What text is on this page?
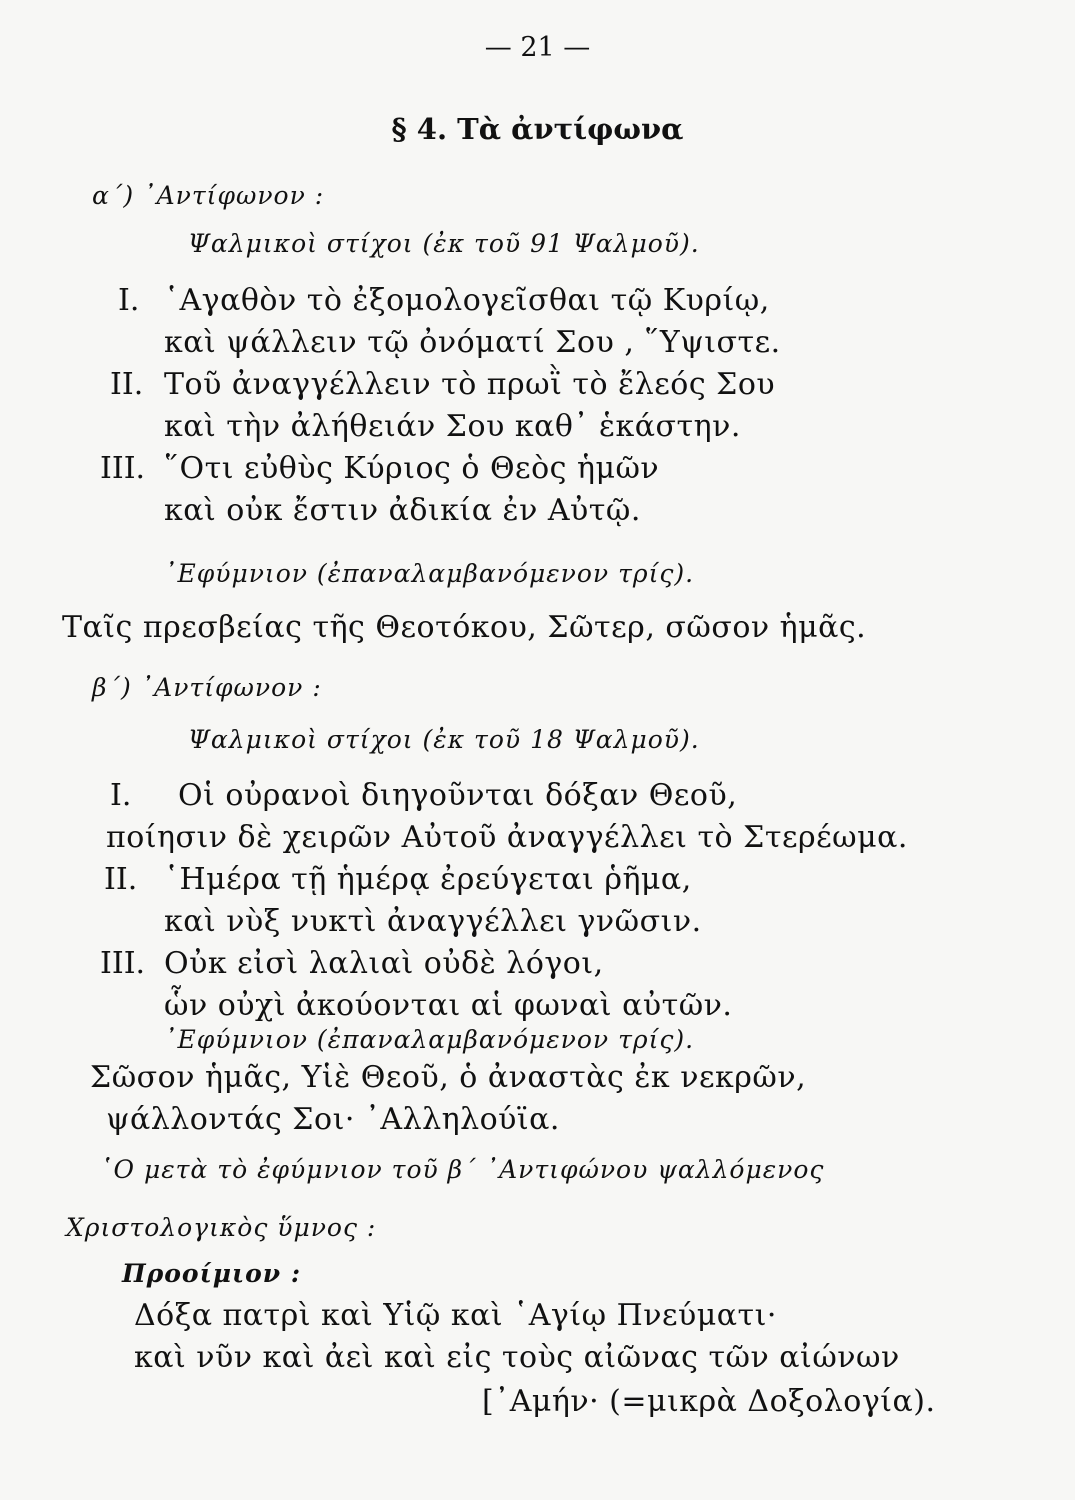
— 21 —
§ 4. Τὰ ἀντίφωνα
α΄) ᾿Αντίφωνον :
Ψαλμικοὶ στίχοι (ἐκ τοῦ 91 Ψαλμοῦ).
I. ῾Αγαθὸν τὸ ἐξομολογεῖσθαι τῷ Κυρίῳ,
καὶ ψάλλειν τῷ ὀνόματί Σου , ῞Υψιστε.
II. Τοῦ ἀναγγέλλειν τὸ πρωῒ τὸ ἔλεός Σου
καὶ τὴν ἀλήθειάν Σου καθ᾿ ἑκάστην.
III. ῞Οτι εὐθὺς Κύριος ὁ Θεὸς ἡμῶν
καὶ οὐκ ἔστιν ἀδικία ἐν Αὐτῷ.
᾿Εφύμνιον (ἐπαναλαμβανόμενον τρίς).
Ταῖς πρεσβείας τῆς Θεοτόκου, Σῶτερ, σῶσον ἡμᾶς.
β΄) ᾿Αντίφωνον :
Ψαλμικοὶ στίχοι (ἐκ τοῦ 18 Ψαλμοῦ).
I. Οἱ οὐρανοὶ διηγοῦνται δόξαν Θεοῦ,
ποίησιν δὲ χειρῶν Αὐτοῦ ἀναγγέλλει τὸ Στερέωμα.
II. ῾Ημέρα τῇ ἡμέρᾳ ἐρεύγεται ῥῆμα,
καὶ νὺξ νυκτὶ ἀναγγέλλει γνῶσιν.
III. Οὐκ εἰσὶ λαλιαὶ οὐδὲ λόγοι,
ὧν οὐχὶ ἀκούονται αἱ φωναὶ αὐτῶν.
᾿Εφύμνιον (ἐπαναλαμβανόμενον τρίς).
Σῶσον ἡμᾶς, Υἱὲ Θεοῦ, ὁ ἀναστὰς ἐκ νεκρῶν,
ψάλλοντάς Σοι· ᾿Αλληλούϊα.
῾Ο μετὰ τὸ ἐφύμνιον τοῦ β΄ ᾿Αντιφώνου ψαλλόμενος
Χριστολογικὸς ὕμνος :
Προοίμιον :
Δόξα πατρὶ καὶ Υἱῷ καὶ ῾Αγίῳ Πνεύματι·
καὶ νῦν καὶ ἀεὶ καὶ εἰς τοὺς αἰῶνας τῶν αἰώνων
[᾿Αμήν· (=μικρὰ Δοξολογία).
